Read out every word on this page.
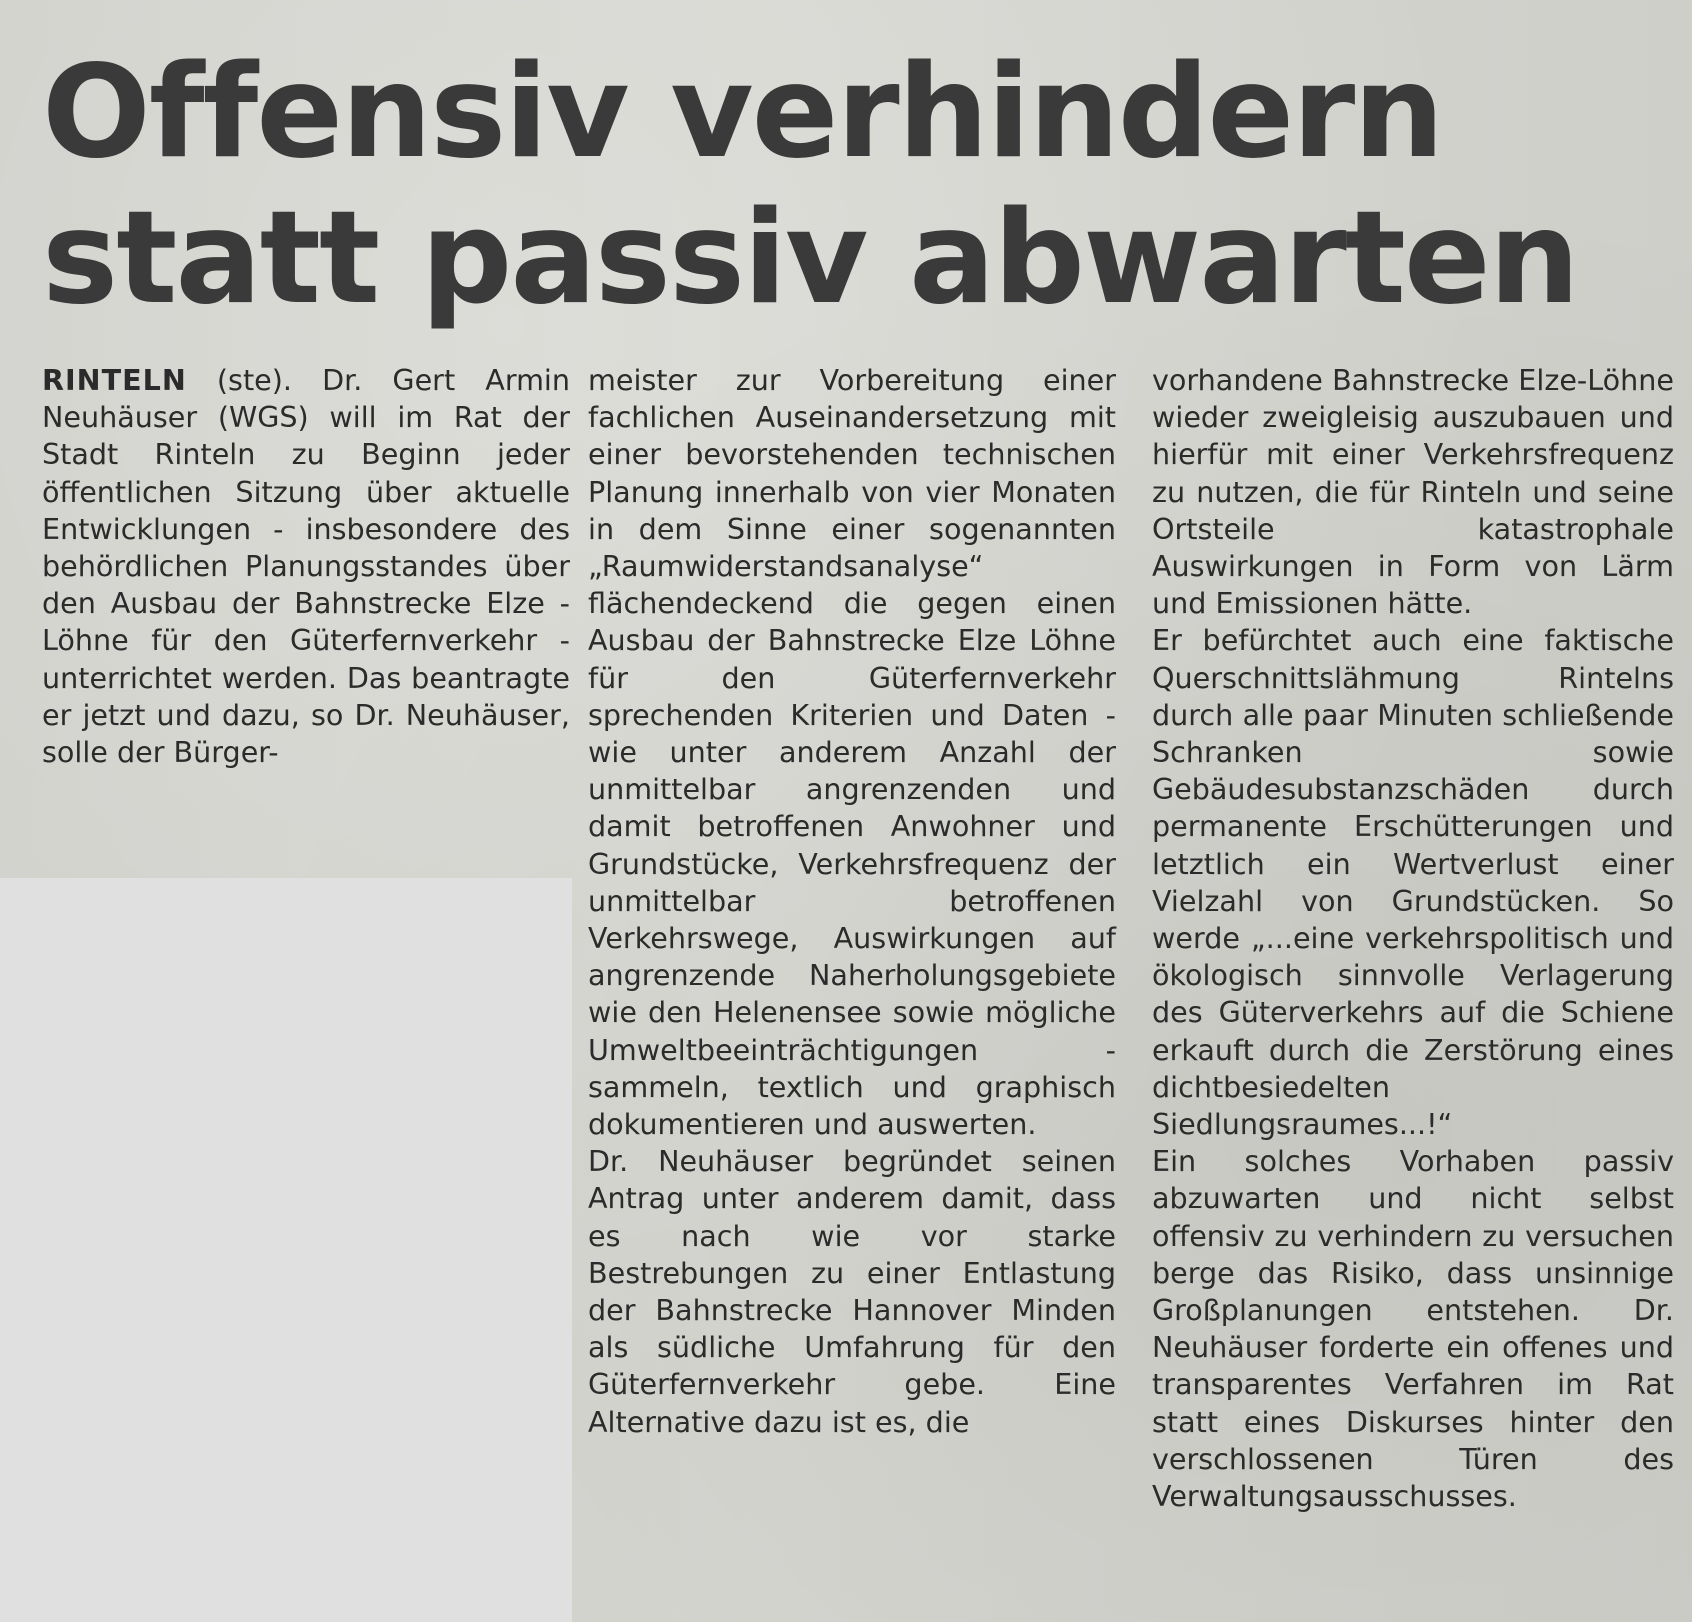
Offensiv verhindern
statt passiv abwarten

RINTELN (ste). Dr. Gert Armin Neuhäuser (WGS) will im Rat der Stadt Rinteln zu Beginn jeder öffentlichen Sitzung über aktuelle Entwicklungen - insbesondere des behördlichen Planungsstandes über den Ausbau der Bahnstrecke Elze - Löhne für den Güterfernverkehr - unterrichtet werden. Das beantragte er jetzt und dazu, so Dr. Neuhäuser, solle der Bürger-

meister zur Vorbereitung einer fachlichen Auseinandersetzung mit einer bevorstehenden technischen Planung innerhalb von vier Monaten in dem Sinne einer sogenannten „Raumwiderstandsanalyse“ flächendeckend die gegen einen Ausbau der Bahnstrecke Elze Löhne für den Güterfernverkehr sprechenden Kriterien und Daten - wie unter anderem Anzahl der unmittelbar angrenzenden und damit betroffenen Anwohner und Grundstücke, Verkehrsfrequenz der unmittelbar betroffenen Verkehrswege, Auswirkungen auf angrenzende Naherholungsgebiete wie den Helenensee sowie mögliche Umweltbeeinträchtigungen - sammeln, textlich und graphisch dokumentieren und auswerten.

Dr. Neuhäuser begründet seinen Antrag unter anderem damit, dass es nach wie vor starke Bestrebungen zu einer Entlastung der Bahnstrecke Hannover Minden als südliche Umfahrung für den Güterfernverkehr gebe. Eine Alternative dazu ist es, die

vorhandene Bahnstrecke Elze-Löhne wieder zweigleisig auszubauen und hierfür mit einer Verkehrsfrequenz zu nutzen, die für Rinteln und seine Ortsteile katastrophale Auswirkungen in Form von Lärm und Emissionen hätte.

Er befürchtet auch eine faktische Querschnittslähmung Rintelns durch alle paar Minuten schließende Schranken sowie Gebäudesubstanzschäden durch permanente Erschütterungen und letztlich ein Wertverlust einer Vielzahl von Grundstücken. So werde „...eine verkehrspolitisch und ökologisch sinnvolle Verlagerung des Güterverkehrs auf die Schiene erkauft durch die Zerstörung eines dichtbesiedelten Siedlungsraumes...!“

Ein solches Vorhaben passiv abzuwarten und nicht selbst offensiv zu verhindern zu versuchen berge das Risiko, dass unsinnige Großplanungen entstehen. Dr. Neuhäuser forderte ein offenes und transparentes Verfahren im Rat statt eines Diskurses hinter den verschlossenen Türen des Verwaltungsausschusses.
